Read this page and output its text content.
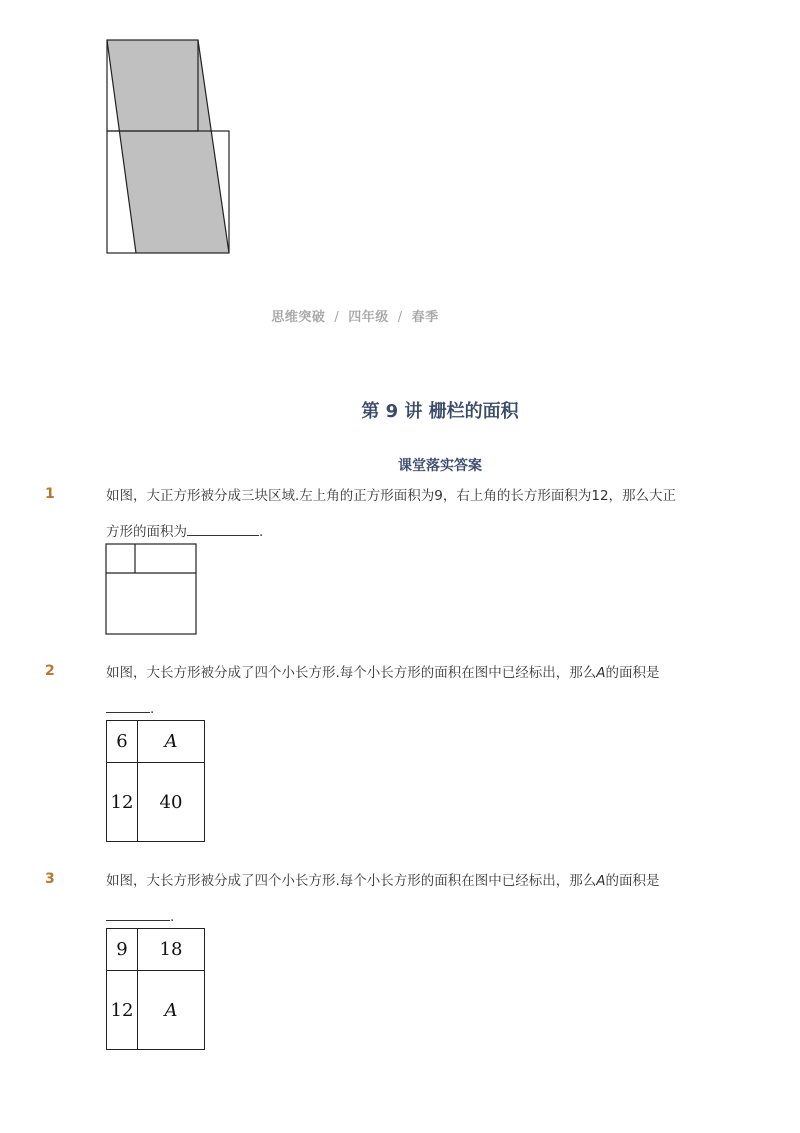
思维突破 / 四年级 / 春季
第 9 讲 栅栏的面积
课堂落实答案
1	如图，大正方形被分成三块区域.左上角的正方形面积为9，右上角的长方形面积为12，那么大正
方形的面积为	.
2	如图，大长方形被分成了四个小长方形.每个小长方形的面积在图中已经标出，那么A的面积是
.
6	A
12	40
3	如图，大长方形被分成了四个小长方形.每个小长方形的面积在图中已经标出，那么A的面积是
.
9	18
12	A
